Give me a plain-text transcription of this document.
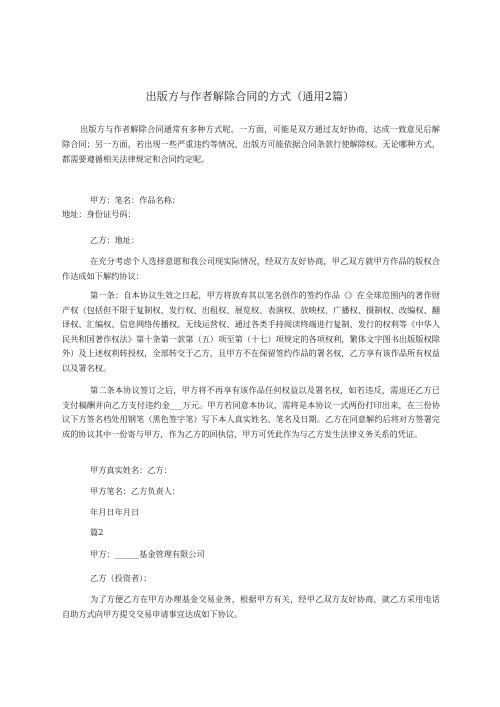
出版方与作者解除合同的方式（通用2篇）
出版方与作者解除合同通常有多种方式呢。一方面，可能是双方通过友好协商，达成一致意见后解除合同；另一方面，若出现一些严重违约等情况，出版方可能依据合同条款行使解除权。无论哪种方式，都需要遵循相关法律规定和合同约定呢。
甲方：笔名：作品名称：
地址：身份证号码：
乙方：地址：
在充分考虑个人选择意愿和我公司现实际情况，经双方友好协商，甲乙双方就甲方作品的版权合作达成如下解约协议：
第一条：自本协议生效之日起，甲方将放弃其以笔名创作的签约作品《》在全球范围内的著作财产权（包括但不限于复制权、发行权、出租权、展览权、表演权、放映权、广播权、摄制权、改编权、翻译权、汇编权、信息网络传播权、无线运营权、通过各类手持阅读终端进行复制、发行的权利等《中华人民共和国著作权法》第十条第一款第（五）项至第（十七）项规定的各项权利，繁体文字图书出版版权除外）及上述权利转授权，全部转交于乙方，且甲方不在保留签约作品的署名权，乙方享有该作品所有权益以及署名权。
第二条本协议签订之后，甲方将不再享有该作品任何权益以及署名权，如若违反，需退还乙方已支付稿酬并向乙方支付违约金___万元。甲方若同意本协议，需将是本协议一式两份打印出来，在三份协议下方签名档处用钢笔（黑色签字笔）写下本人真实姓名、笔名及日期。乙方在同意解约后将对方签署完成的协议其中一份寄与甲方，作为乙方的回执信，甲方可凭此作为与乙方发生法律义务关系的凭证。
甲方真实姓名：乙方：
甲方笔名：乙方负责人：
年月日年月日
篇2
甲方：______基金管理有限公司
乙方（投资者）：
为了方便乙方在甲方办理基金交易业务，根据甲方有关，经甲乙双方友好协商，就乙方采用电话自助方式向甲方提交交易申请事宜达成如下协议。
